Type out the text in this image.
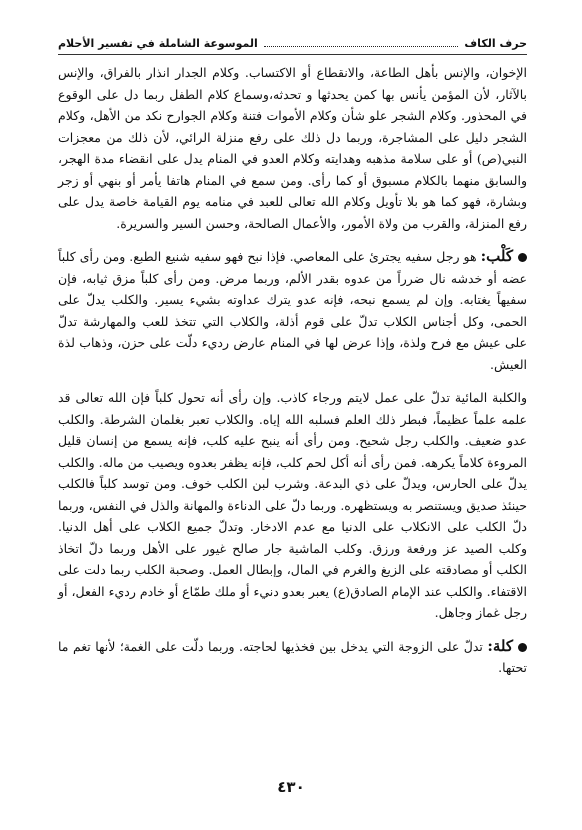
حرف الكاف
الموسوعة الشاملة في تفسير الأحلام

الإخوان، والإنس بأهل الطاعة، والانقطاع أو الاكتساب. وكلام الجدار انذار بالفراق، والإنس بالآثار، لأن المؤمن يأنس بها كمن يحدثها و تحدثه،وسماع كلام الطفل ربما دل على الوقوع في المحذور. وكلام الشجر علو شأن وكلام الأموات فتنة وكلام الجوارح نكد من الأهل، وكلام الشجر دليل على المشاجرة، وربما دل ذلك على رفع منزلة الرائي، لأن ذلك من معجزات النبي(ص) أو على سلامة مذهبه وهدايته وكلام العدو في المنام يدل على انقضاء مدة الهجر، والسابق منهما بالكلام مسبوق أو كما رأى. ومن سمع في المنام هاتفا يأمر أو بنهي أو زجر وبشارة، فهو كما هو بلا تأويل وكلام الله تعالى للعبد في منامه يوم القيامة خاصة يدل على رفع المنزلة، والقرب من ولاة الأمور، والأعمال الصالحة، وحسن السير والسريرة.

كَلْب: هو رجل سفيه يجترئ على المعاصي. فإذا نبح فهو سفيه شنيع الطبع. ومن رأى كلباً عضه أو خدشه نال ضرراً من عدوه بقدر الألم، وربما مرض. ومن رأى كلباً مزق ثيابه، فإن سفيهاً يغتابه. وإن لم يسمع نبحه، فإنه عدو يترك عداوته بشيء يسير. والكلب يدلّ على الحمى، وكل أجناس الكلاب تدلّ على قوم أذلة، والكلاب التي تتخذ للعب والمهارشة تدلّ على عيش مع فرح ولذة، وإذا عرض لها في المنام عارض رديء دلّت على حزن، وذهاب لذة العيش.

والكلبة المائية تدلّ على عمل لايتم ورجاء كاذب. وإن رأى أنه تحول كلباً فإن الله تعالى قد علمه علماً عظيماً، فبطر ذلك العلم فسلبه الله إياه. والكلاب تعبر بغلمان الشرطة. والكلب عدو ضعيف. والكلب رجل شحيح. ومن رأى أنه ينبح عليه كلب، فإنه يسمع من إنسان قليل المروءة كلاماً يكرهه. فمن رأى أنه أكل لحم كلب، فإنه يظفر بعدوه ويصيب من ماله. والكلب يدلّ على الحارس، ويدلّ على ذي البدعة. وشرب لبن الكلب خوف. ومن توسد كلباً فالكلب حينئذ صديق ويستنصر به ويستظهره. وربما دلّ على الدناءة والمهانة والذل في النفس، وربما دلّ الكلب على الانكلاب على الدنيا مع عدم الادخار. وتدلّ جميع الكلاب على أهل الدنيا. وكلب الصيد عز ورفعة ورزق. وكلب الماشية جار صالح غيور على الأهل وربما دلّ اتخاذ الكلب أو مصادقته على الزيغ والغرم في المال، وإبطال العمل. وصحبة الكلب ربما دلت على الاقتفاء. والكلب عند الإمام الصادق(ع) يعبر بعدو دنيء أو ملك طمّاع أو خادم رديء الفعل، أو رجل غماز وجاهل.

كلة: تدلّ على الزوجة التي يدخل بين فخذيها لحاجته. وربما دلّت على الغمة؛ لأنها تغم ما تحتها.

٤٣٠
